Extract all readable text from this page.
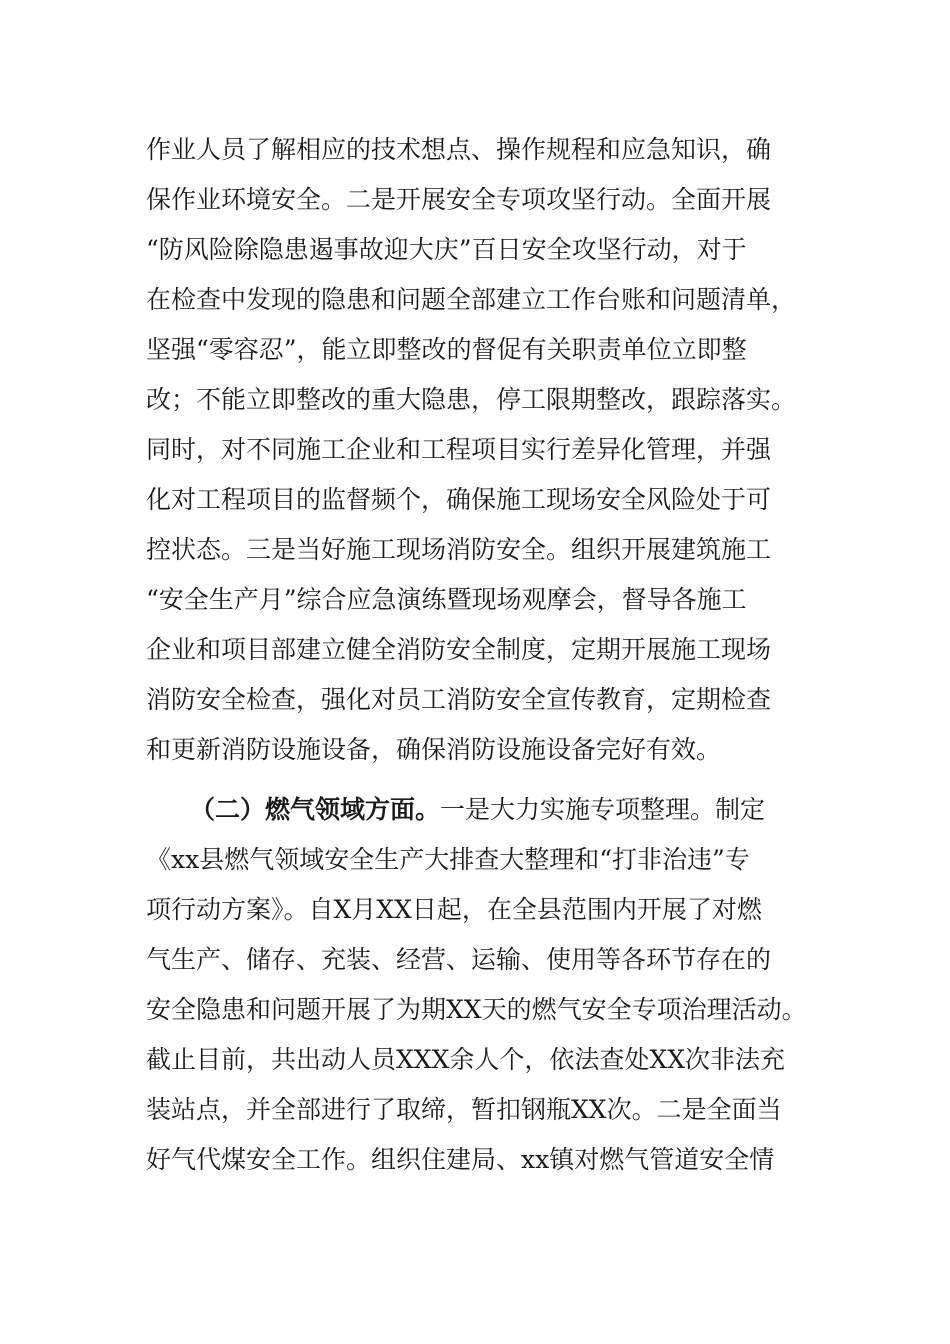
作业人员了解相应的技术想点、操作规程和应急知识，确
保作业环境安全。二是开展安全专项攻坚行动。全面开展
“防风险除隐患遏事故迎大庆”百日安全攻坚行动，对于
在检查中发现的隐患和问题全部建立工作台账和问题清单，
坚强“零容忍”，能立即整改的督促有关职责单位立即整
改；不能立即整改的重大隐患，停工限期整改，跟踪落实。
同时，对不同施工企业和工程项目实行差异化管理，并强
化对工程项目的监督频个，确保施工现场安全风险处于可
控状态。三是当好施工现场消防安全。组织开展建筑施工
“安全生产月”综合应急演练暨现场观摩会，督导各施工
企业和项目部建立健全消防安全制度，定期开展施工现场
消防安全检查，强化对员工消防安全宣传教育，定期检查
和更新消防设施设备，确保消防设施设备完好有效。
（二）燃气领域方面。一是大力实施专项整理。制定
《xx县燃气领域安全生产大排查大整理和“打非治违”专
项行动方案》。自X月XX日起，在全县范围内开展了对燃
气生产、储存、充装、经营、运输、使用等各环节存在的
安全隐患和问题开展了为期XX天的燃气安全专项治理活动。
截止目前，共出动人员XXX余人个，依法查处XX次非法充
装站点，并全部进行了取缔，暂扣钢瓶XX次。二是全面当
好气代煤安全工作。组织住建局、xx镇对燃气管道安全情
